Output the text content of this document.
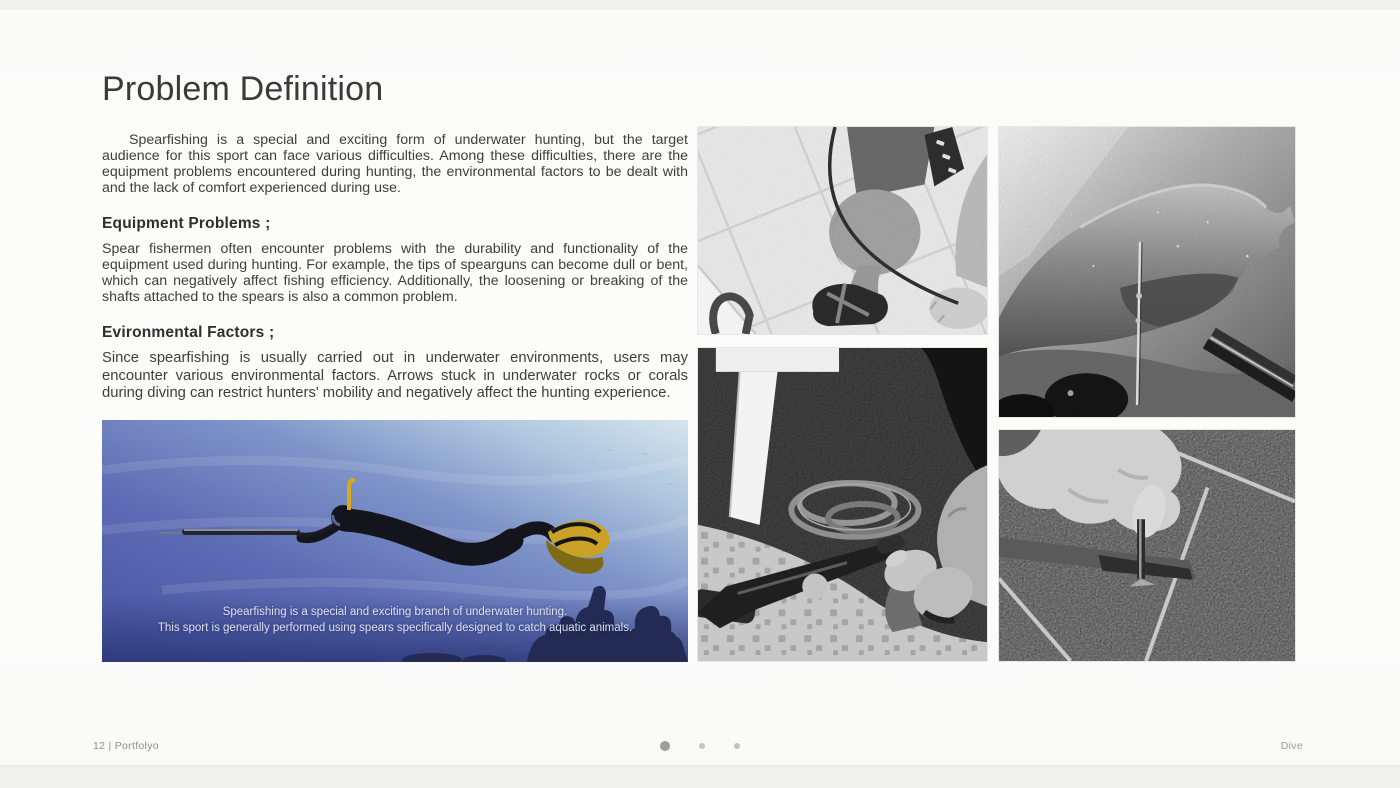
Problem Definition

Spearfishing is a special and exciting form of underwater hunting, but the target audience for this sport can face various difficulties. Among these difficulties, there are the equipment problems encountered during hunting, the environmental factors to be dealt with and the lack of comfort experienced during use.

Equipment Problems ;

Spear fishermen often encounter problems with the durability and functionality of the equipment used during hunting. For example, the tips of spearguns can become dull or bent, which can negatively affect fishing efficiency. Additionally, the loosening or breaking of the shafts attached to the spears is also a common problem.

Evironmental Factors ;

Since spearfishing is usually carried out in underwater environments, users may encounter various environmental factors. Arrows stuck in underwater rocks or corals during diving can restrict hunters' mobility and negatively affect the hunting experience.

Spearfishing is a special and exciting branch of underwater hunting.
This sport is generally performed using spears specifically designed to catch aquatic animals.
12 | Portfolyo	Dive
